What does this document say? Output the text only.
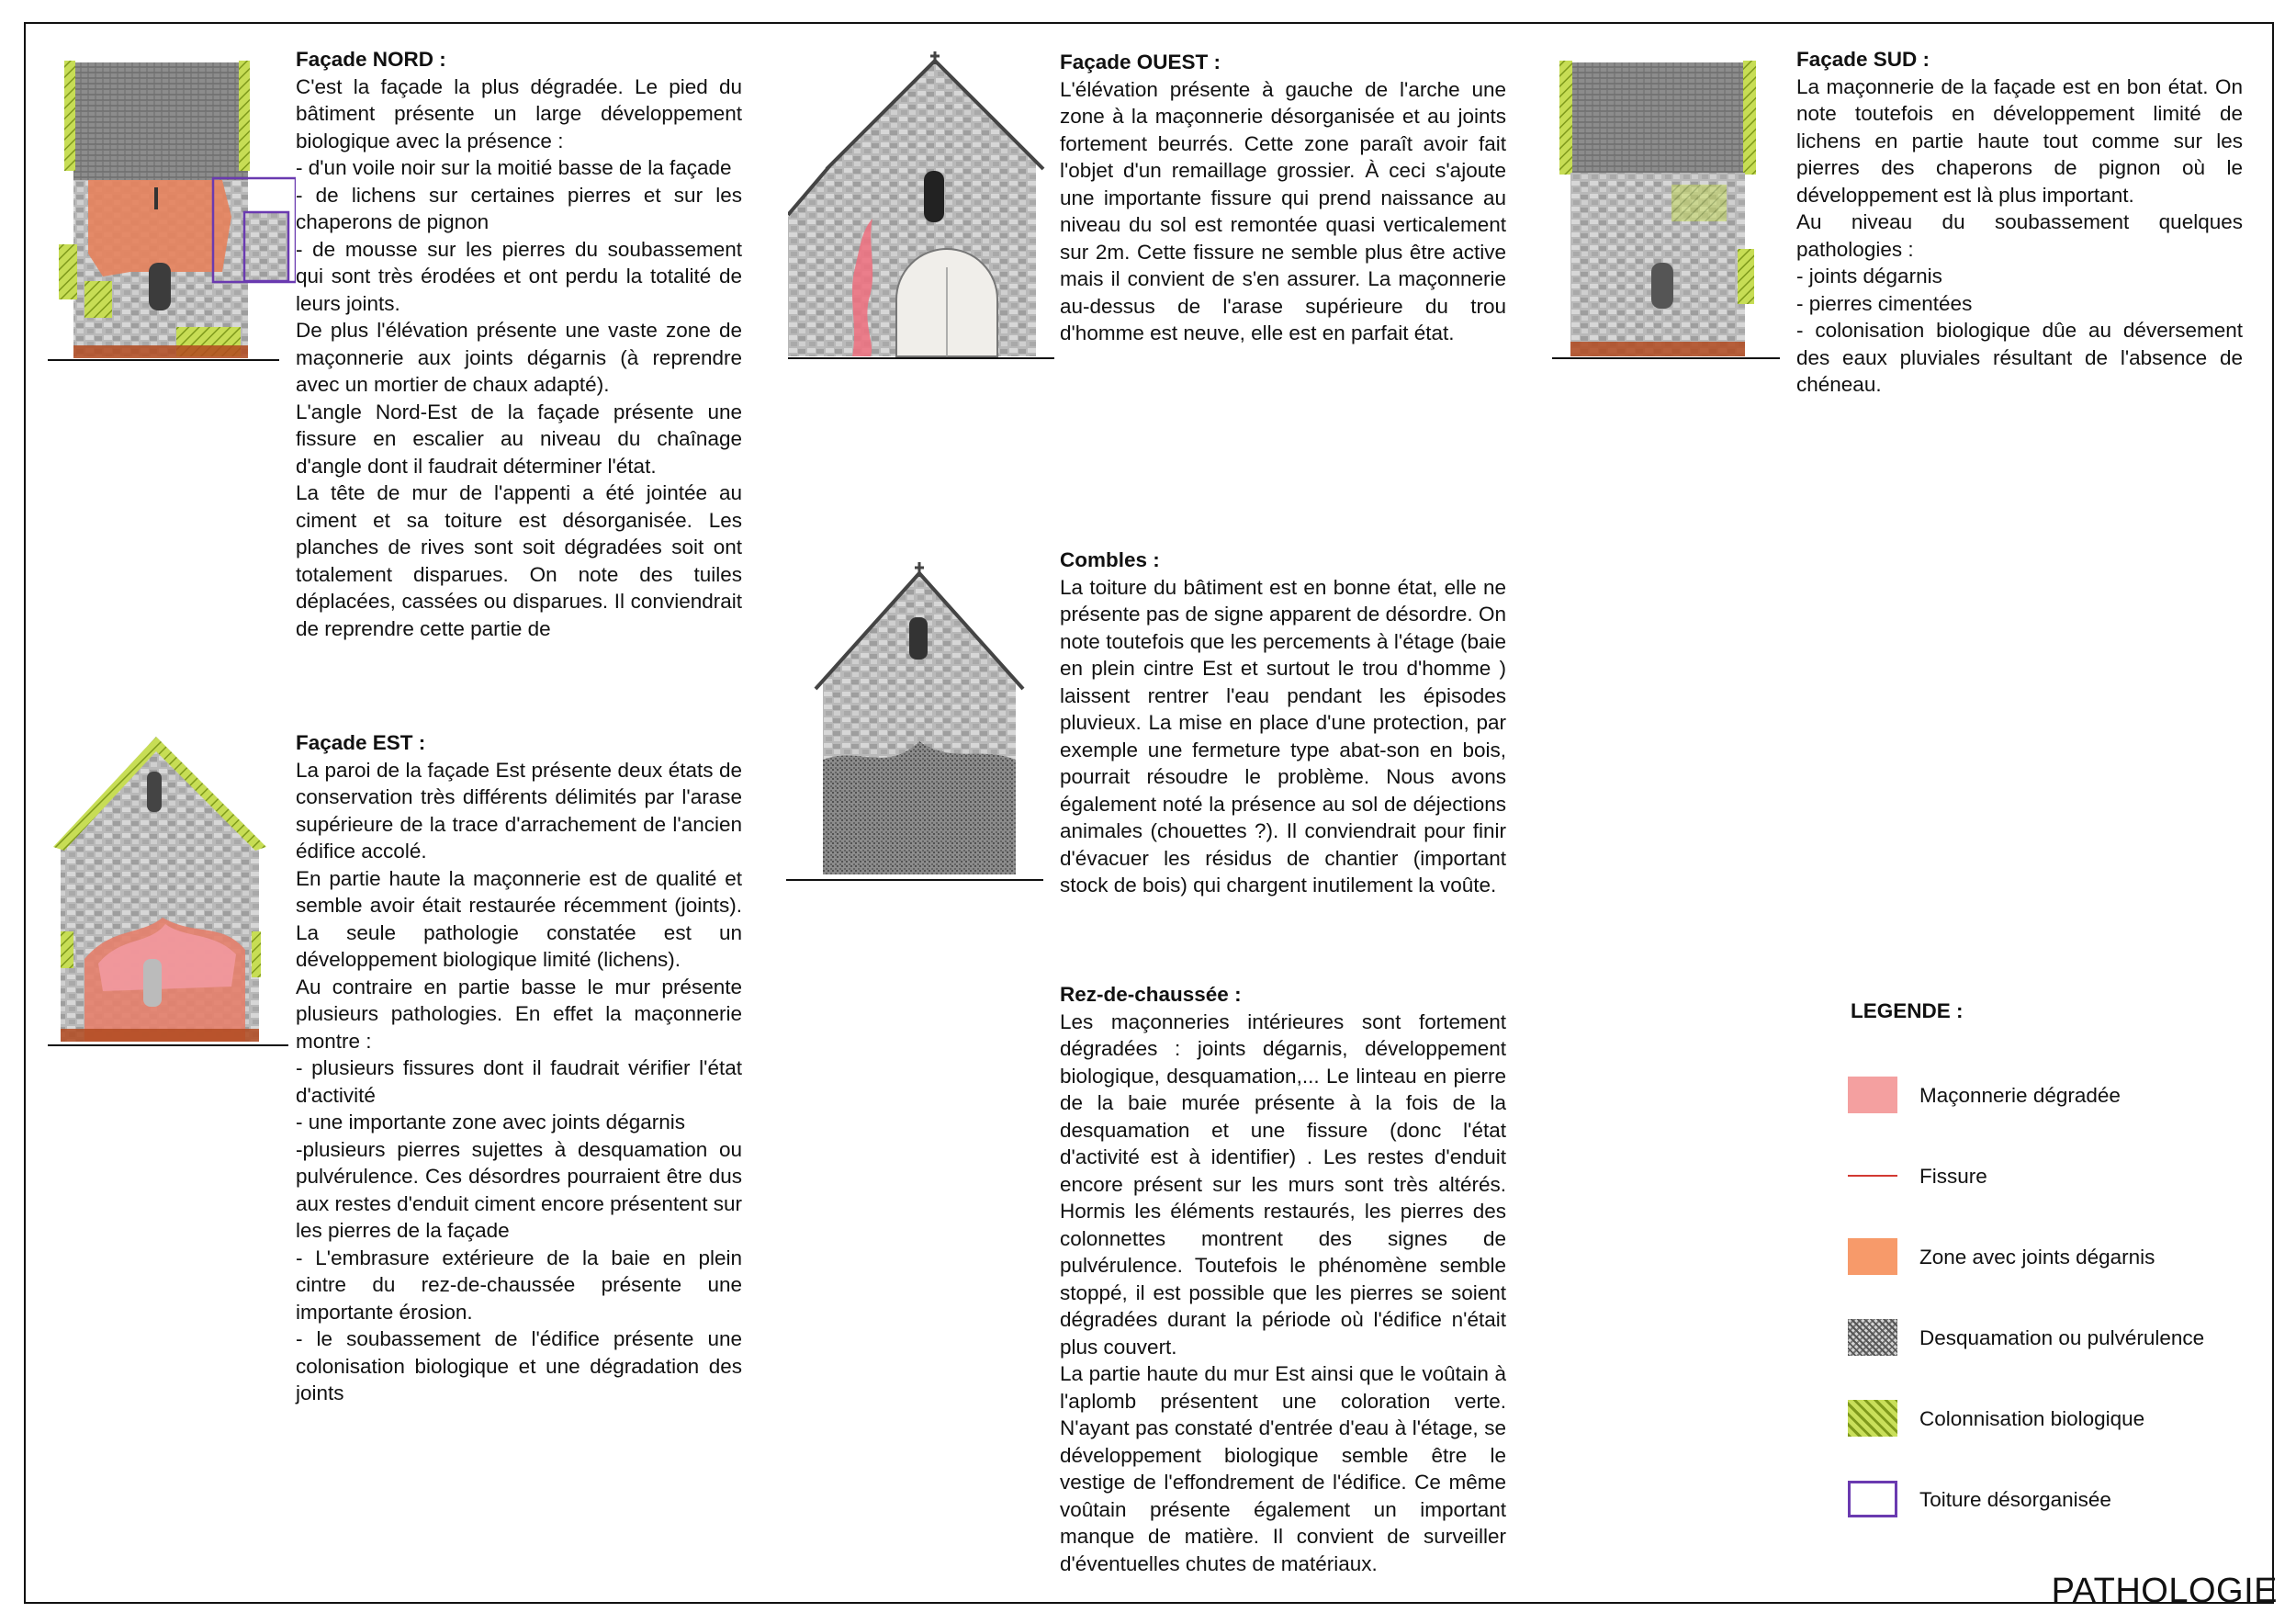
Façade NORD :

C'est la façade la plus dégradée. Le pied du bâtiment présente un large développement biologique avec la présence :

- d'un voile noir sur la moitié basse de la façade

- de lichens sur certaines pierres et sur les chaperons de pignon

- de mousse sur les pierres du soubassement qui sont très érodées et ont perdu la totalité de leurs joints.

De plus l'élévation présente une vaste zone de maçonnerie aux joints dégarnis (à reprendre avec un mortier de chaux adapté).

L'angle Nord-Est de la façade présente une fissure en escalier au niveau du chaînage d'angle dont il faudrait déterminer l'état.

La tête de mur de l'appenti a été jointée au ciment et sa toiture est désorganisée. Les planches de rives sont soit dégradées soit ont totalement disparues. On note des tuiles déplacées, cassées ou disparues. Il conviendrait de reprendre cette partie de

Façade OUEST :

L'élévation présente à gauche de l'arche une zone à la maçonnerie désorganisée et au joints fortement beurrés. Cette zone paraît avoir fait l'objet d'un remaillage grossier. À ceci s'ajoute une importante fissure qui prend naissance au niveau du sol est remontée quasi verticalement sur 2m. Cette fissure ne semble plus être active mais il convient de s'en assurer. La maçonnerie au-dessus de l'arase supérieure du trou d'homme est neuve, elle est en parfait état.

Façade SUD :

La maçonnerie de la façade est en bon état. On note toutefois en développement limité de lichens en partie haute tout comme sur les pierres des chaperons de pignon où le développement est là plus important.

Au niveau du soubassement quelques pathologies :

- joints dégarnis

- pierres cimentées

- colonisation biologique dûe au déversement des eaux pluviales résultant de l'absence de chéneau.

Façade EST :

La paroi de la façade Est présente deux états de conservation très différents délimités par l'arase supérieure de la trace d'arrachement de l'ancien édifice accolé.

En partie haute la maçonnerie est de qualité et semble avoir était restaurée récemment (joints). La seule pathologie constatée est un développement biologique limité (lichens).

Au contraire en partie basse le mur présente plusieurs pathologies. En effet la maçonnerie montre :

- plusieurs fissures dont il faudrait vérifier l'état d'activité

- une importante zone avec joints dégarnis

-plusieurs pierres sujettes à desquamation ou pulvérulence. Ces désordres pourraient être dus aux restes d'enduit ciment encore présentent sur les pierres de la façade

- L'embrasure extérieure de la baie en plein cintre du rez-de-chaussée présente une importante érosion.

- le soubassement de l'édifice présente une colonisation biologique et une dégradation des joints

Combles :

La toiture du bâtiment est en bonne état, elle ne présente pas de signe apparent de désordre. On note toutefois que les percements à l'étage (baie en plein cintre Est et surtout le trou d'homme ) laissent rentrer l'eau pendant les épisodes pluvieux. La mise en place d'une protection, par exemple une fermeture type abat-son en bois, pourrait résoudre le problème. Nous avons également noté la présence au sol de déjections animales (chouettes ?). Il conviendrait pour finir d'évacuer les résidus de chantier (important stock de bois) qui chargent inutilement la voûte.

Rez-de-chaussée :

Les maçonneries intérieures sont fortement dégradées : joints dégarnis, développement biologique, desquamation,... Le linteau en pierre de la baie murée présente à la fois de la desquamation et une fissure (donc l'état d'activité est à identifier) . Les restes d'enduit encore présent sur les murs sont très altérés. Hormis les éléments restaurés, les pierres des colonnettes montrent des signes de pulvérulence. Toutefois le phénomène semble stoppé, il est possible que les pierres se soient dégradées durant la période où l'édifice n'était plus couvert.

La partie haute du mur Est ainsi que le voûtain à l'aplomb présentent une coloration verte. N'ayant pas constaté d'entrée d'eau à l'étage, se développement biologique semble être le vestige de l'effondrement de l'édifice. Ce même voûtain présente également un important manque de matière. Il convient de surveiller d'éventuelles chutes de matériaux.

LEGENDE :
Maçonnerie dégradée
Fissure
Zone avec joints dégarnis
Desquamation ou pulvérulence
Colonnisation biologique
Toiture désorganisée
PATHOLOGIE
